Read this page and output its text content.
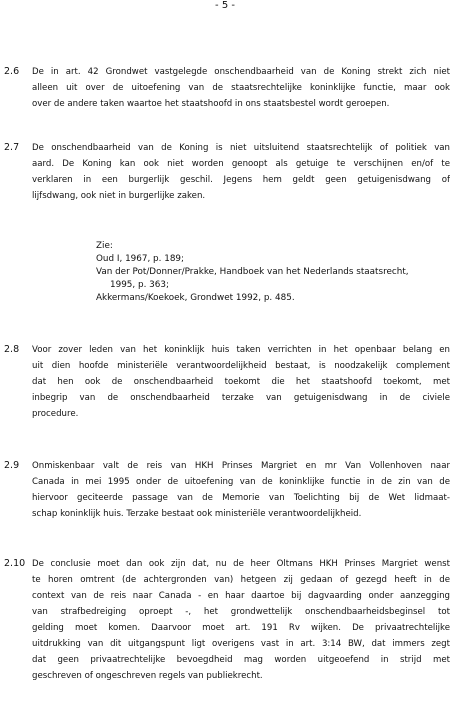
- 5 -
2.6 De in art. 42 Grondwet vastgelegde onschendbaarheid van de Koning strekt zich niet
alleen uit over de uitoefening van de staatsrechtelijke koninklijke functie, maar ook
over de andere taken waartoe het staatshoofd in ons staatsbestel wordt geroepen.
2.7 De onschendbaarheid van de Koning is niet uitsluitend staatsrechtelijk of politiek van
aard. De Koning kan ook niet worden genoopt als getuige te verschijnen en/of te
verklaren in een burgerlijk geschil. Jegens hem geldt geen getuigenisdwang of
lijfsdwang, ook niet in burgerlijke zaken.
Zie:
Oud I, 1967, p. 189;
Van der Pot/Donner/Prakke, Handboek van het Nederlands staatsrecht,
1995, p. 363;
Akkermans/Koekoek, Grondwet 1992, p. 485.
2.8 Voor zover leden van het koninklijk huis taken verrichten in het openbaar belang en
uit dien hoofde ministeriële verantwoordelijkheid bestaat, is noodzakelijk complement
dat hen ook de onschendbaarheid toekomt die het staatshoofd toekomt, met
inbegrip van de onschendbaarheid terzake van getuigenisdwang in de civiele
procedure.
2.9 Onmiskenbaar valt de reis van HKH Prinses Margriet en mr Van Vollenhoven naar
Canada in mei 1995 onder de uitoefening van de koninklijke functie in de zin van de
hiervoor geciteerde passage van de Memorie van Toelichting bij de Wet lidmaat-
schap koninklijk huis. Terzake bestaat ook ministeriële verantwoordelijkheid.
2.10 De conclusie moet dan ook zijn dat, nu de heer Oltmans HKH Prinses Margriet wenst
te horen omtrent (de achtergronden van) hetgeen zij gedaan of gezegd heeft in de
context van de reis naar Canada - en haar daartoe bij dagvaarding onder aanzegging
van strafbedreiging oproept -, het grondwettelijk onschendbaarheidsbeginsel tot
gelding moet komen. Daarvoor moet art. 191 Rv wijken. De privaatrechtelijke
uitdrukking van dit uitgangspunt ligt overigens vast in art. 3:14 BW, dat immers zegt
dat geen privaatrechtelijke bevoegdheid mag worden uitgeoefend in strijd met
geschreven of ongeschreven regels van publiekrecht.
